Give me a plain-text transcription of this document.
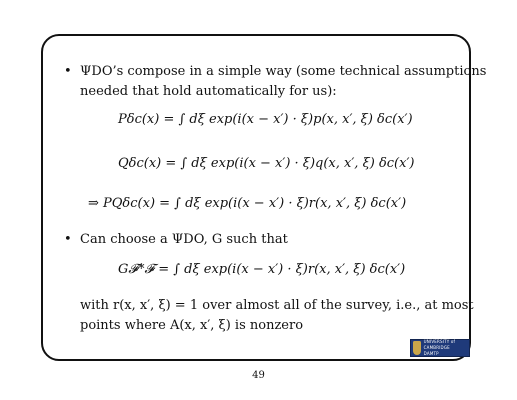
• ΨDO’s compose in a simple way (some technical assumptions
needed that hold automatically for us):
Pδc(x) = ∫ dξ exp(i(x − x′) · ξ)p(x, x′, ξ) δc(x′)
Qδc(x) = ∫ dξ exp(i(x − x′) · ξ)q(x, x′, ξ) δc(x′)
⇒ PQδc(x) = ∫ dξ exp(i(x − x′) · ξ)r(x, x′, ξ) δc(x′)
• Can choose a ΨDO, G such that
G𝓕*𝓕 = ∫ dξ exp(i(x − x′) · ξ)r(x, x′, ξ) δc(x′)
with r(x, x′, ξ) = 1 over almost all of the survey, i.e., at most
points where A(x, x′, ξ) is nonzero
UNIVERSITY of CAMBRIDGE
DAMTP
49
